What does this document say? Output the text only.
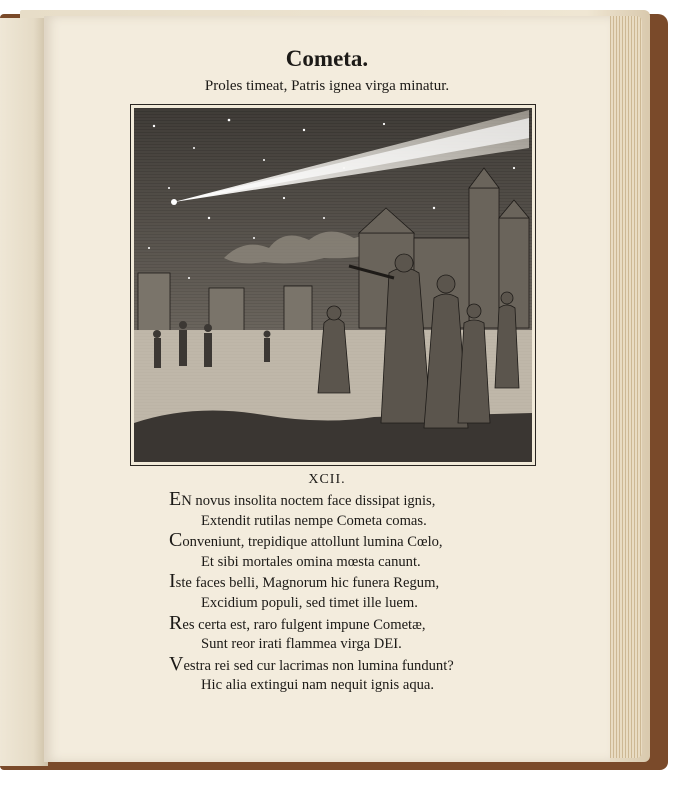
Cometa.
Proles timeat, Patris ignea virga minatur.
XCII.
EN novus insolita noctem face dissipat ignis,
Extendit rutilas nempe Cometa comas.
Conveniunt, trepidique attollunt lumina Cœlo,
Et sibi mortales omina mœsta canunt.
Iste faces belli, Magnorum hic funera Regum,
Excidium populi, sed timet ille luem.
Res certa est, raro fulgent impune Cometæ,
Sunt reor irati flammea virga DEI.
Vestra rei sed cur lacrimas non lumina fundunt?
Hic alia extingui nam nequit ignis aqua.
